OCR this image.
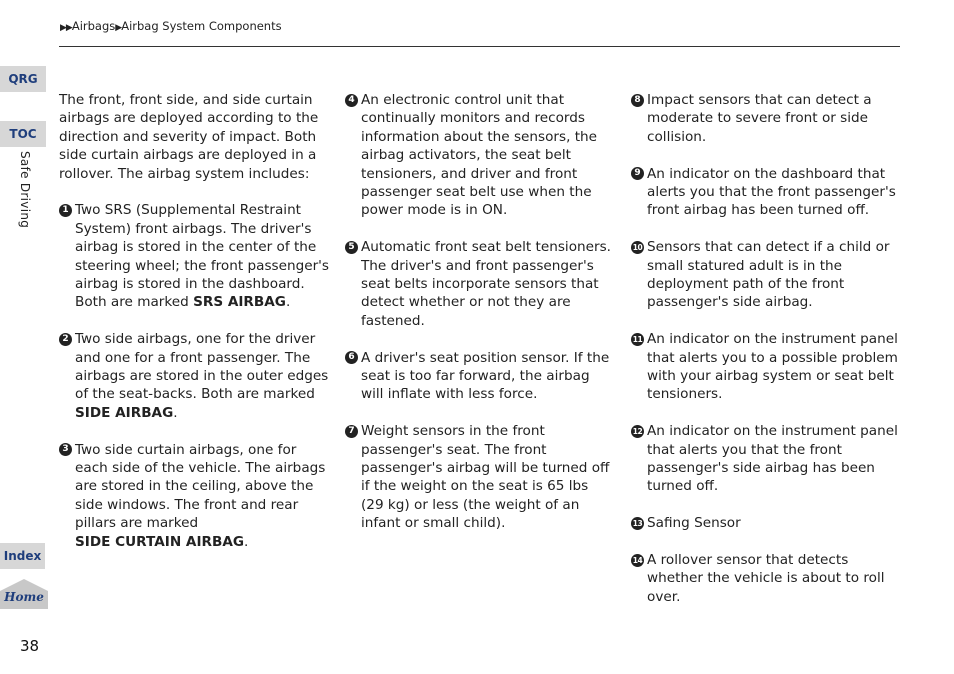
▶▶Airbags▶Airbag System Components
QRG
TOC
Safe Driving
Index
Home
38

The front, front side, and side curtain airbags are deployed according to the direction and severity of impact. Both side curtain airbags are deployed in a rollover. The airbag system includes:

1 Two SRS (Supplemental Restraint System) front airbags. The driver's airbag is stored in the center of the steering wheel; the front passenger's airbag is stored in the dashboard. Both are marked SRS AIRBAG.
2 Two side airbags, one for the driver and one for a front passenger. The airbags are stored in the outer edges of the seat-backs. Both are marked SIDE AIRBAG.
3 Two side curtain airbags, one for each side of the vehicle. The airbags are stored in the ceiling, above the side windows. The front and rear pillars are marked
SIDE CURTAIN AIRBAG.
4 An electronic control unit that continually monitors and records information about the sensors, the airbag activators, the seat belt tensioners, and driver and front passenger seat belt use when the power mode is in ON.
5 Automatic front seat belt tensioners. The driver's and front passenger's seat belts incorporate sensors that detect whether or not they are fastened.
6 A driver's seat position sensor. If the seat is too far forward, the airbag will inflate with less force.
7 Weight sensors in the front passenger's seat. The front passenger's airbag will be turned off if the weight on the seat is 65 lbs (29 kg) or less (the weight of an infant or small child).
8 Impact sensors that can detect a moderate to severe front or side collision.
9 An indicator on the dashboard that alerts you that the front passenger's front airbag has been turned off.
10 Sensors that can detect if a child or small statured adult is in the deployment path of the front passenger's side airbag.
11 An indicator on the instrument panel that alerts you to a possible problem with your airbag system or seat belt tensioners.
12 An indicator on the instrument panel that alerts you that the front passenger's side airbag has been turned off.
13 Safing Sensor
14 A rollover sensor that detects whether the vehicle is about to roll over.
